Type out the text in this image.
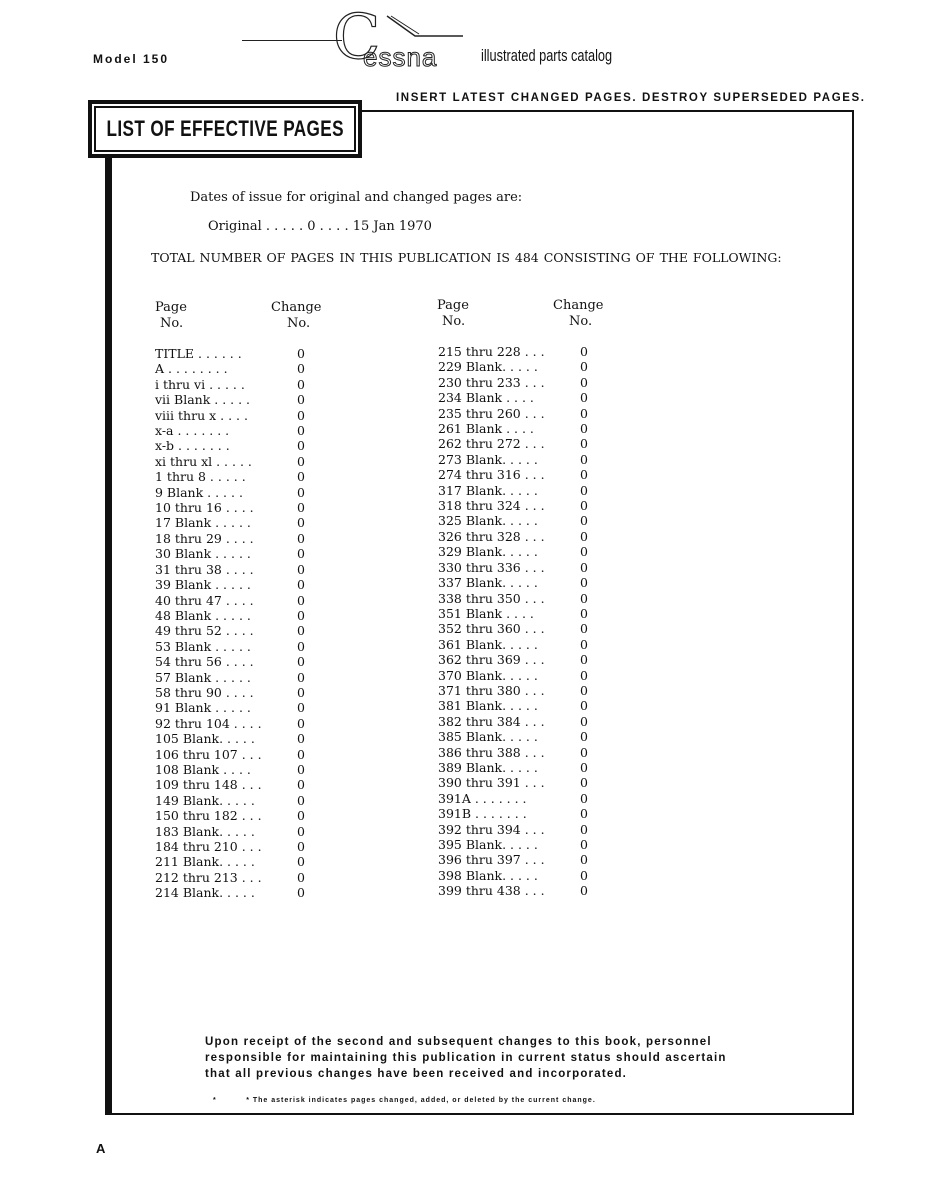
Model 150	C
essna	illustrated parts catalog
INSERT LATEST CHANGED PAGES. DESTROY SUPERSEDED PAGES.
LIST OF EFFECTIVE PAGES
Dates of issue for original and changed pages are:
Original . . . . . 0 . . . . 15 Jan 1970
TOTAL NUMBER OF PAGES IN THIS PUBLICATION IS 484 CONSISTING OF THE FOLLOWING:
Page
No.
Change
No.
Page
No.
Change
No.
TITLE . . . . . .	0
A . . . . . . . .	0
i thru vi . . . . .	0
vii Blank . . . . .	0
viii thru x . . . .	0
x-a . . . . . . .	0
x-b . . . . . . .	0
xi thru xl . . . . .	0
1 thru 8 . . . . .	0
9 Blank . . . . .	0
10 thru 16 . . . .	0
17 Blank . . . . .	0
18 thru 29 . . . .	0
30 Blank . . . . .	0
31 thru 38 . . . .	0
39 Blank . . . . .	0
40 thru 47 . . . .	0
48 Blank . . . . .	0
49 thru 52 . . . .	0
53 Blank . . . . .	0
54 thru 56 . . . .	0
57 Blank . . . . .	0
58 thru 90 . . . .	0
91 Blank . . . . .	0
92 thru 104 . . . .	0
105 Blank. . . . .	0
106 thru 107 . . .	0
108 Blank . . . .	0
109 thru 148 . . .	0
149 Blank. . . . .	0
150 thru 182 . . .	0
183 Blank. . . . .	0
184 thru 210 . . .	0
211 Blank. . . . .	0
212 thru 213 . . .	0
214 Blank. . . . .	0
215 thru 228 . . .	0
229 Blank. . . . .	0
230 thru 233 . . .	0
234 Blank . . . .	0
235 thru 260 . . .	0
261 Blank . . . .	0
262 thru 272 . . .	0
273 Blank. . . . .	0
274 thru 316 . . .	0
317 Blank. . . . .	0
318 thru 324 . . .	0
325 Blank. . . . .	0
326 thru 328 . . .	0
329 Blank. . . . .	0
330 thru 336 . . .	0
337 Blank. . . . .	0
338 thru 350 . . .	0
351 Blank . . . .	0
352 thru 360 . . .	0
361 Blank. . . . .	0
362 thru 369 . . .	0
370 Blank. . . . .	0
371 thru 380 . . .	0
381 Blank. . . . .	0
382 thru 384 . . .	0
385 Blank. . . . .	0
386 thru 388 . . .	0
389 Blank. . . . .	0
390 thru 391 . . .	0
391A . . . . . . .	0
391B . . . . . . .	0
392 thru 394 . . .	0
395 Blank. . . . .	0
396 thru 397 . . .	0
398 Blank. . . . .	0
399 thru 438 . . .	0
Upon receipt of the second and subsequent changes to this book, personnel
responsible for maintaining this publication in current status should ascertain
that all previous changes have been received and incorporated.
*	* The asterisk indicates pages changed, added, or deleted by the current change.
A
